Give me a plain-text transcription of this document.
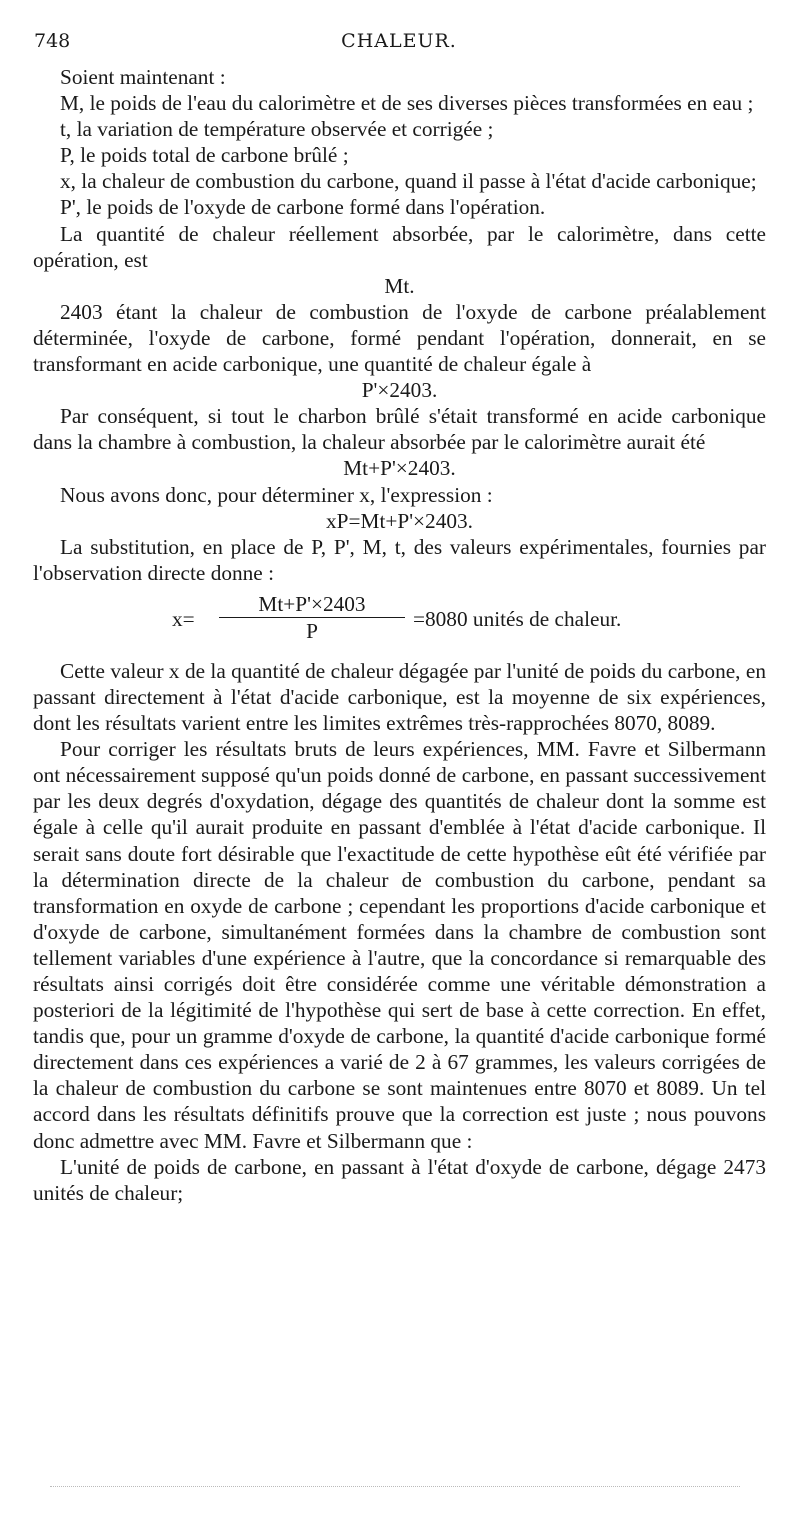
748	CHALEUR.

Soient maintenant :

M, le poids de l'eau du calorimètre et de ses diverses pièces transformées en eau ;

t, la variation de température observée et corrigée ;

P, le poids total de carbone brûlé ;

x, la chaleur de combustion du carbone, quand il passe à l'état d'acide carbonique;

P', le poids de l'oxyde de carbone formé dans l'opération.

La quantité de chaleur réellement absorbée, par le calorimètre, dans cette opération, est

Mt.

2403 étant la chaleur de combustion de l'oxyde de carbone préalablement déterminée, l'oxyde de carbone, formé pendant l'opération, donnerait, en se transformant en acide carbonique, une quantité de chaleur égale à

P'×2403.

Par conséquent, si tout le charbon brûlé s'était transformé en acide carbonique dans la chambre à combustion, la chaleur absorbée par le calorimètre aurait été

Mt+P'×2403.

Nous avons donc, pour déterminer x, l'expression :

xP=Mt+P'×2403.

La substitution, en place de P, P', M, t, des valeurs expérimentales, fournies par l'observation directe donne :

x=
Mt+P'×2403
P	=8080 unités de chaleur.

Cette valeur x de la quantité de chaleur dégagée par l'unité de poids du carbone, en passant directement à l'état d'acide carbonique, est la moyenne de six expériences, dont les résultats varient entre les limites extrêmes très-rapprochées 8070, 8089.

Pour corriger les résultats bruts de leurs expériences, MM. Favre et Silbermann ont nécessairement supposé qu'un poids donné de carbone, en passant successivement par les deux degrés d'oxydation, dégage des quantités de chaleur dont la somme est égale à celle qu'il aurait produite en passant d'emblée à l'état d'acide carbonique. Il serait sans doute fort désirable que l'exactitude de cette hypothèse eût été vérifiée par la détermination directe de la chaleur de combustion du carbone, pendant sa transformation en oxyde de carbone ; cependant les proportions d'acide carbonique et d'oxyde de carbone, simultanément formées dans la chambre de combustion sont tellement variables d'une expérience à l'autre, que la concordance si remarquable des résultats ainsi corrigés doit être considérée comme une véritable démonstration a posteriori de la légitimité de l'hypothèse qui sert de base à cette correction. En effet, tandis que, pour un gramme d'oxyde de carbone, la quantité d'acide carbonique formé directement dans ces expériences a varié de 2 à 67 grammes, les valeurs corrigées de la chaleur de combustion du carbone se sont maintenues entre 8070 et 8089. Un tel accord dans les résultats définitifs prouve que la correction est juste ; nous pouvons donc admettre avec MM. Favre et Silbermann que :

L'unité de poids de carbone, en passant à l'état d'oxyde de carbone, dégage 2473 unités de chaleur;
